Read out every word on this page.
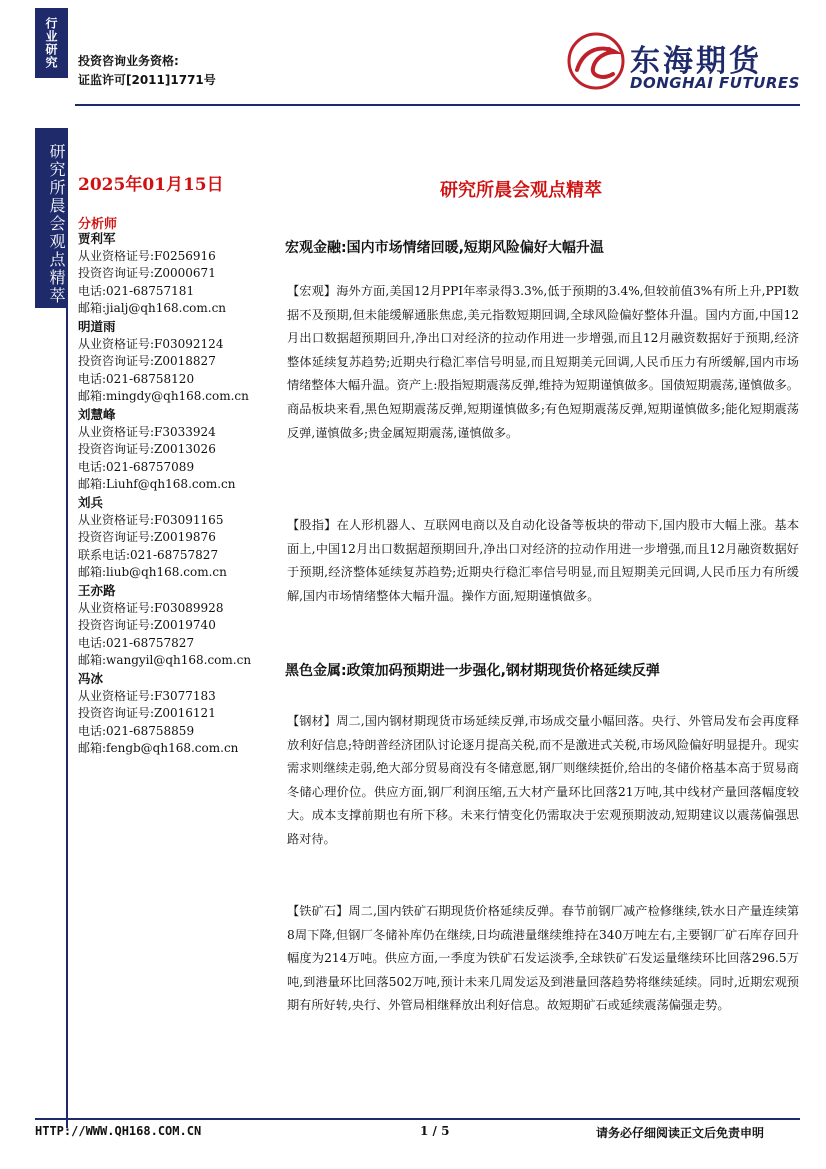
行业研究	投资咨询业务资格:
证监许可[2011]1771号
东海期货
DONGHAI FUTURES
研究所晨会观点精萃 2025年01月15日	研究所晨会观点精萃
分析师
贾利军
从业资格证号:F0256916
投资咨询证号:Z0000671
电话:021-68757181
邮箱:jialj@qh168.com.cn
明道雨
从业资格证号:F03092124
投资咨询证号:Z0018827
电话:021-68758120
邮箱:mingdy@qh168.com.cn
刘慧峰
从业资格证号:F3033924
投资咨询证号:Z0013026
电话:021-68757089
邮箱:Liuhf@qh168.com.cn
刘兵
从业资格证号:F03091165
投资咨询证号:Z0019876
联系电话:021-68757827
邮箱:liub@qh168.com.cn
王亦路
从业资格证号:F03089928
投资咨询证号:Z0019740
电话:021-68757827
邮箱:wangyil@qh168.com.cn
冯冰
从业资格证号:F3077183
投资咨询证号:Z0016121
电话:021-68758859
邮箱:fengb@qh168.com.cn
宏观金融:国内市场情绪回暖,短期风险偏好大幅升温
【宏观】海外方面,美国12月PPI年率录得3.3%,低于预期的3.4%,但较前值3%有所上升,PPI数据不及预期,但未能缓解通胀焦虑,美元指数短期回调,全球风险偏好整体升温。国内方面,中国12月出口数据超预期回升,净出口对经济的拉动作用进一步增强,而且12月融资数据好于预期,经济整体延续复苏趋势;近期央行稳汇率信号明显,而且短期美元回调,人民币压力有所缓解,国内市场情绪整体大幅升温。资产上:股指短期震荡反弹,维持为短期谨慎做多。国债短期震荡,谨慎做多。商品板块来看,黑色短期震荡反弹,短期谨慎做多;有色短期震荡反弹,短期谨慎做多;能化短期震荡反弹,谨慎做多;贵金属短期震荡,谨慎做多。
【股指】在人形机器人、互联网电商以及自动化设备等板块的带动下,国内股市大幅上涨。基本面上,中国12月出口数据超预期回升,净出口对经济的拉动作用进一步增强,而且12月融资数据好于预期,经济整体延续复苏趋势;近期央行稳汇率信号明显,而且短期美元回调,人民币压力有所缓解,国内市场情绪整体大幅升温。操作方面,短期谨慎做多。
黑色金属:政策加码预期进一步强化,钢材期现货价格延续反弹
【钢材】周二,国内钢材期现货市场延续反弹,市场成交量小幅回落。央行、外管局发布会再度释放利好信息;特朗普经济团队讨论逐月提高关税,而不是激进式关税,市场风险偏好明显提升。现实需求则继续走弱,绝大部分贸易商没有冬储意愿,钢厂则继续挺价,给出的冬储价格基本高于贸易商冬储心理价位。供应方面,钢厂利润压缩,五大材产量环比回落21万吨,其中线材产量回落幅度较大。成本支撑前期也有所下移。未来行情变化仍需取决于宏观预期波动,短期建议以震荡偏强思路对待。
【铁矿石】周二,国内铁矿石期现货价格延续反弹。春节前钢厂减产检修继续,铁水日产量连续第8周下降,但钢厂冬储补库仍在继续,日均疏港量继续维持在340万吨左右,主要钢厂矿石库存回升幅度为214万吨。供应方面,一季度为铁矿石发运淡季,全球铁矿石发运量继续环比回落296.5万吨,到港量环比回落502万吨,预计未来几周发运及到港量回落趋势将继续延续。同时,近期宏观预期有所好转,央行、外管局相继释放出利好信息。故短期矿石或延续震荡偏强走势。
HTTP://WWW.QH168.COM.CN	1 / 5	请务必仔细阅读正文后免责申明
